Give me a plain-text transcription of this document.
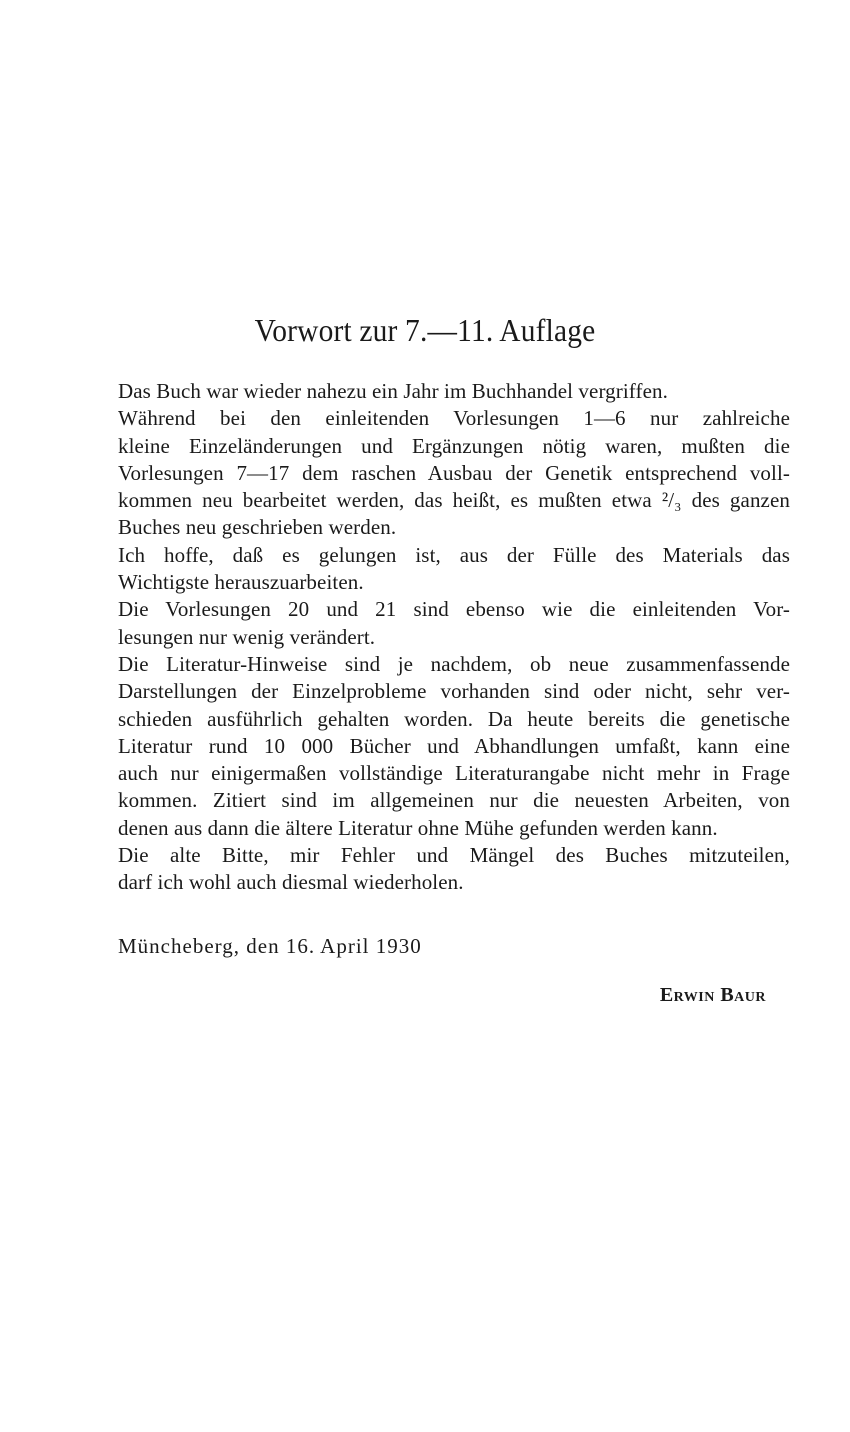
Vorwort zur 7.—11. Auflage

Das Buch war wieder nahezu ein Jahr im Buchhandel vergriffen.

Während bei den einleitenden Vorlesungen 1—6 nur zahlreiche
kleine Einzeländerungen und Ergänzungen nötig waren, mußten die
Vorlesungen 7—17 dem raschen Ausbau der Genetik entsprechend voll-
kommen neu bearbeitet werden, das heißt, es mußten etwa ²/₃ des ganzen
Buches neu geschrieben werden.

Ich hoffe, daß es gelungen ist, aus der Fülle des Materials das
Wichtigste herauszuarbeiten.

Die Vorlesungen 20 und 21 sind ebenso wie die einleitenden Vor-
lesungen nur wenig verändert.

Die Literatur-Hinweise sind je nachdem, ob neue zusammenfassende
Darstellungen der Einzelprobleme vorhanden sind oder nicht, sehr ver-
schieden ausführlich gehalten worden. Da heute bereits die genetische
Literatur rund 10 000 Bücher und Abhandlungen umfaßt, kann eine
auch nur einigermaßen vollständige Literaturangabe nicht mehr in Frage
kommen. Zitiert sind im allgemeinen nur die neuesten Arbeiten, von
denen aus dann die ältere Literatur ohne Mühe gefunden werden kann.

Die alte Bitte, mir Fehler und Mängel des Buches mitzuteilen,
darf ich wohl auch diesmal wiederholen.

Müncheberg, den 16. April 1930

Erwin Baur
